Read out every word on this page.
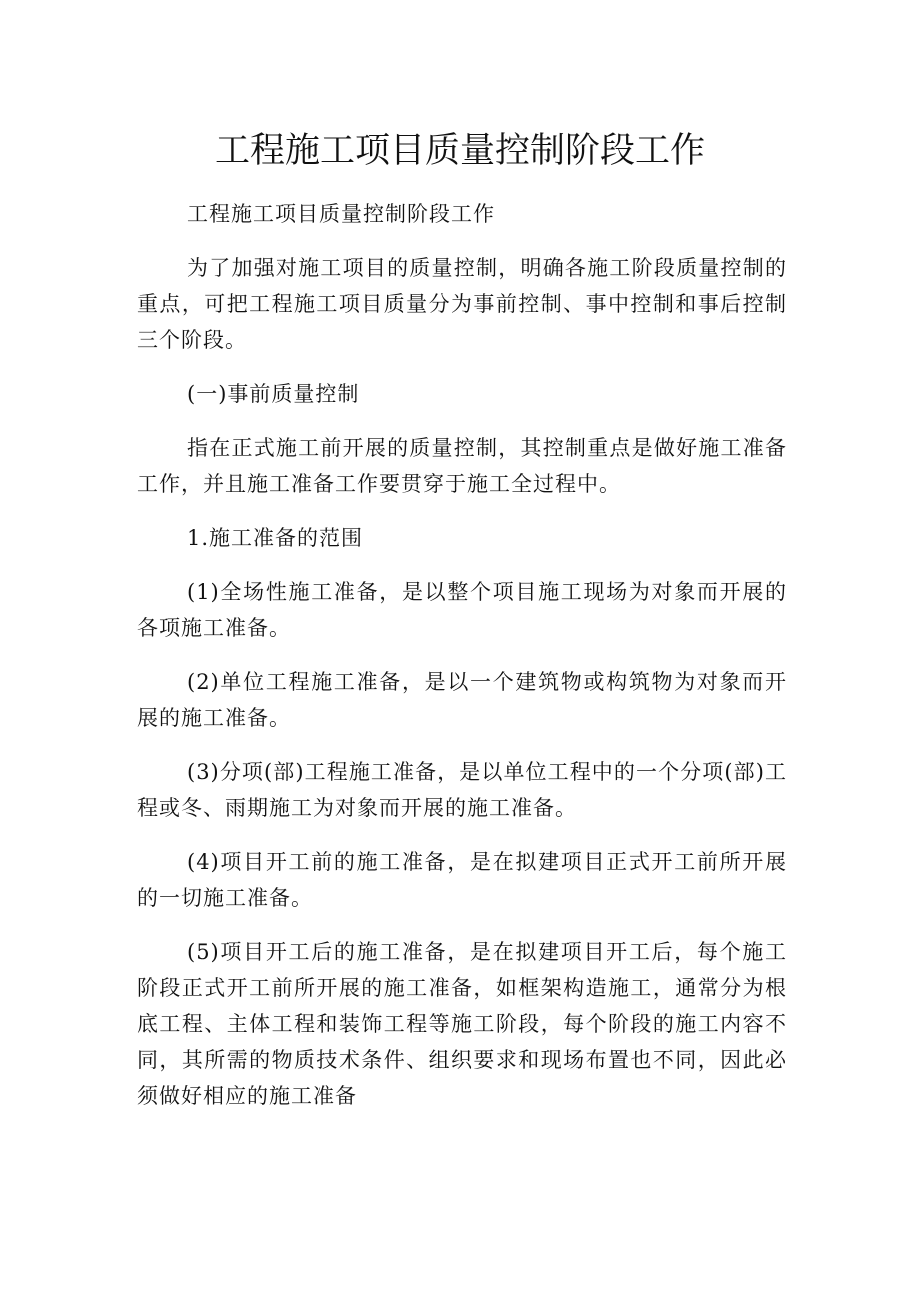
工程施工项目质量控制阶段工作

工程施工项目质量控制阶段工作

为了加强对施工项目的质量控制，明确各施工阶段质量控制的重点，可把工程施工项目质量分为事前控制、事中控制和事后控制三个阶段。

(一)事前质量控制

指在正式施工前开展的质量控制，其控制重点是做好施工准备工作，并且施工准备工作要贯穿于施工全过程中。

1.施工准备的范围

(1)全场性施工准备，是以整个项目施工现场为对象而开展的各项施工准备。

(2)单位工程施工准备，是以一个建筑物或构筑物为对象而开展的施工准备。

(3)分项(部)工程施工准备，是以单位工程中的一个分项(部)工程或冬、雨期施工为对象而开展的施工准备。

(4)项目开工前的施工准备，是在拟建项目正式开工前所开展的一切施工准备。

(5)项目开工后的施工准备，是在拟建项目开工后，每个施工阶段正式开工前所开展的施工准备，如框架构造施工，通常分为根底工程、主体工程和装饰工程等施工阶段，每个阶段的施工内容不同，其所需的物质技术条件、组织要求和现场布置也不同，因此必须做好相应的施工准备
